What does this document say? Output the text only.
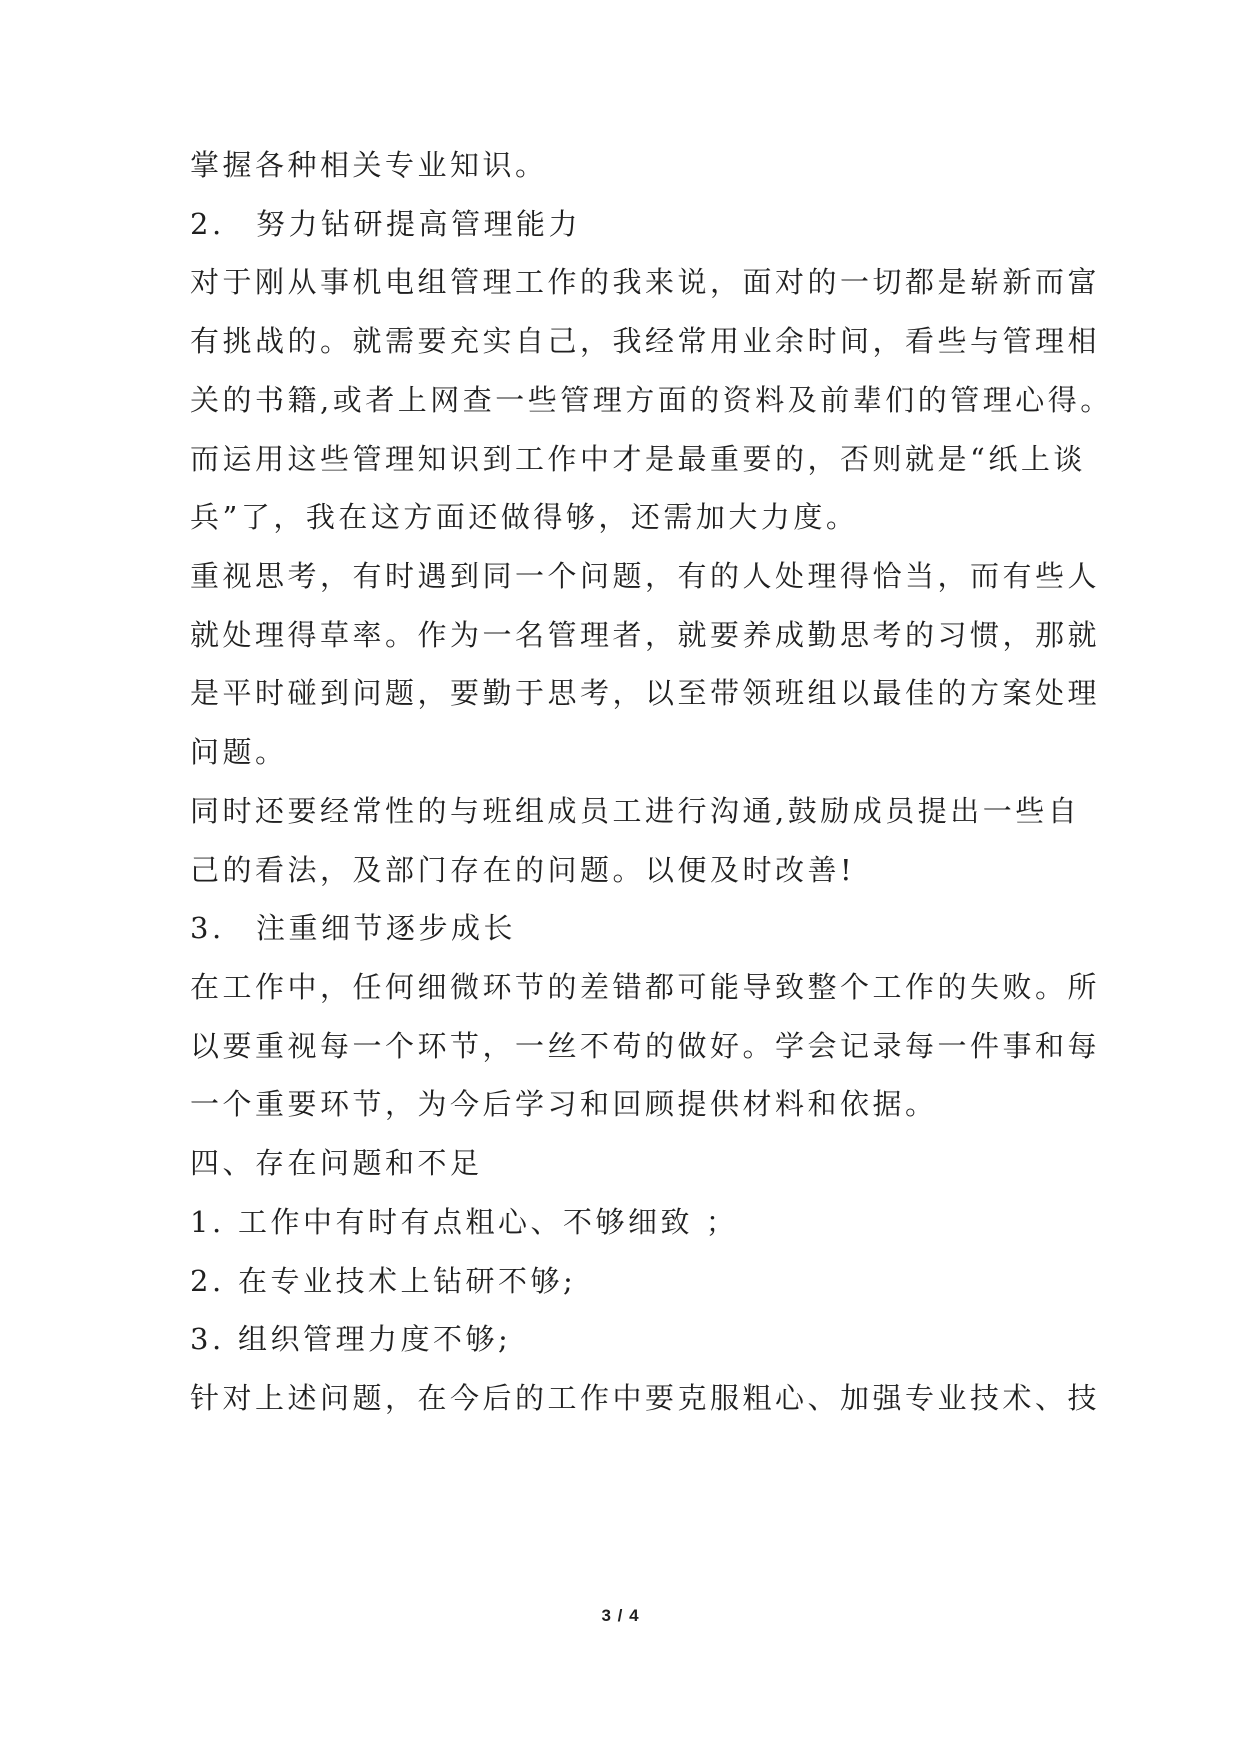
掌握各种相关专业知识。
2. 努力钻研提高管理能力
对于刚从事机电组管理工作的我来说，面对的一切都是崭新而富
有挑战的。就需要充实自己，我经常用业余时间，看些与管理相
关的书籍,或者上网查一些管理方面的资料及前辈们的管理心得。
而运用这些管理知识到工作中才是最重要的，否则就是“纸上谈
兵”了，我在这方面还做得够，还需加大力度。
重视思考，有时遇到同一个问题，有的人处理得恰当，而有些人
就处理得草率。作为一名管理者，就要养成勤思考的习惯，那就
是平时碰到问题，要勤于思考，以至带领班组以最佳的方案处理
问题。
同时还要经常性的与班组成员工进行沟通,鼓励成员提出一些自
己的看法，及部门存在的问题。以便及时改善!
3. 注重细节逐步成长
在工作中，任何细微环节的差错都可能导致整个工作的失败。所
以要重视每一个环节，一丝不苟的做好。学会记录每一件事和每
一个重要环节，为今后学习和回顾提供材料和依据。
四、存在问题和不足
1. 工作中有时有点粗心、不够细致 ；
2. 在专业技术上钻研不够;
3. 组织管理力度不够;
针对上述问题，在今后的工作中要克服粗心、加强专业技术、技
3 / 4
